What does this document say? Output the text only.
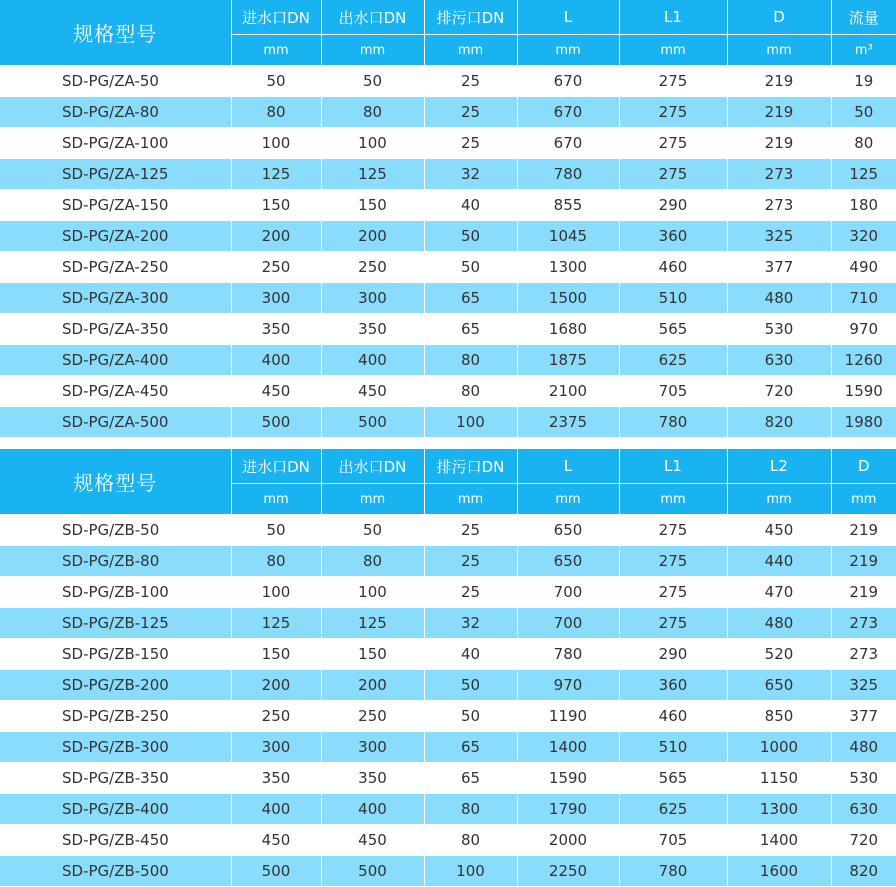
规格型号	进水口DN	出水口DN	排污口DN	L	L1	D	流量
	mm	mm	mm	mm	mm	mm	m³
SD-PG/ZA-50	50	50	25	670	275	219	19
SD-PG/ZA-80	80	80	25	670	275	219	50
SD-PG/ZA-100	100	100	25	670	275	219	80
SD-PG/ZA-125	125	125	32	780	275	273	125
SD-PG/ZA-150	150	150	40	855	290	273	180
SD-PG/ZA-200	200	200	50	1045	360	325	320
SD-PG/ZA-250	250	250	50	1300	460	377	490
SD-PG/ZA-300	300	300	65	1500	510	480	710
SD-PG/ZA-350	350	350	65	1680	565	530	970
SD-PG/ZA-400	400	400	80	1875	625	630	1260
SD-PG/ZA-450	450	450	80	2100	705	720	1590
SD-PG/ZA-500	500	500	100	2375	780	820	1980
规格型号	进水口DN	出水口DN	排污口DN	L	L1	L2	D
	mm	mm	mm	mm	mm	mm	mm
SD-PG/ZB-50	50	50	25	650	275	450	219
SD-PG/ZB-80	80	80	25	650	275	440	219
SD-PG/ZB-100	100	100	25	700	275	470	219
SD-PG/ZB-125	125	125	32	700	275	480	273
SD-PG/ZB-150	150	150	40	780	290	520	273
SD-PG/ZB-200	200	200	50	970	360	650	325
SD-PG/ZB-250	250	250	50	1190	460	850	377
SD-PG/ZB-300	300	300	65	1400	510	1000	480
SD-PG/ZB-350	350	350	65	1590	565	1150	530
SD-PG/ZB-400	400	400	80	1790	625	1300	630
SD-PG/ZB-450	450	450	80	2000	705	1400	720
SD-PG/ZB-500	500	500	100	2250	780	1600	820
